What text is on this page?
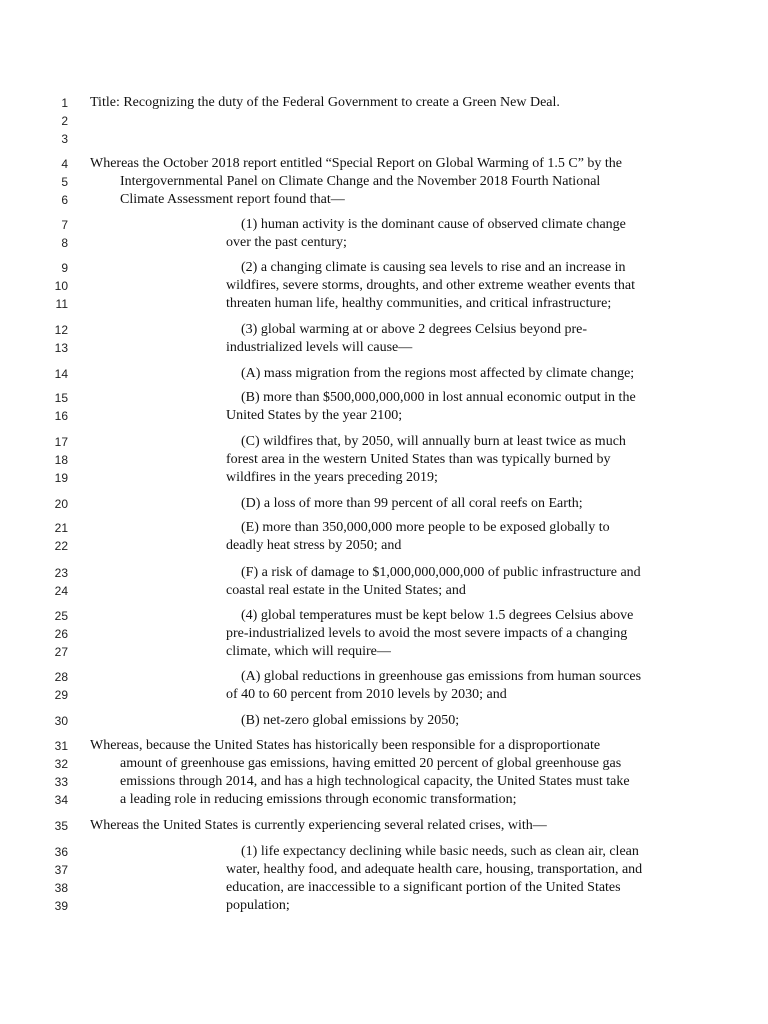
1 Title: Recognizing the duty of the Federal Government to create a Green New Deal.
2
3
4 Whereas the October 2018 report entitled “Special Report on Global Warming of 1.5 C” by the
5	Intergovernmental Panel on Climate Change and the November 2018 Fourth National
6	Climate Assessment report found that—
7	(1) human activity is the dominant cause of observed climate change
8	over the past century;
9	(2) a changing climate is causing sea levels to rise and an increase in
10	wildfires, severe storms, droughts, and other extreme weather events that
11	threaten human life, healthy communities, and critical infrastructure;
12	(3) global warming at or above 2 degrees Celsius beyond pre-
13	industrialized levels will cause—
14	(A) mass migration from the regions most affected by climate change;
15	(B) more than $500,000,000,000 in lost annual economic output in the
16	United States by the year 2100;
17	(C) wildfires that, by 2050, will annually burn at least twice as much
18	forest area in the western United States than was typically burned by
19	wildfires in the years preceding 2019;
20	(D) a loss of more than 99 percent of all coral reefs on Earth;
21	(E) more than 350,000,000 more people to be exposed globally to
22	deadly heat stress by 2050; and
23	(F) a risk of damage to $1,000,000,000,000 of public infrastructure and
24	coastal real estate in the United States; and
25	(4) global temperatures must be kept below 1.5 degrees Celsius above
26	pre-industrialized levels to avoid the most severe impacts of a changing
27	climate, which will require—
28	(A) global reductions in greenhouse gas emissions from human sources
29	of 40 to 60 percent from 2010 levels by 2030; and
30	(B) net-zero global emissions by 2050;
31 Whereas, because the United States has historically been responsible for a disproportionate
32	amount of greenhouse gas emissions, having emitted 20 percent of global greenhouse gas
33	emissions through 2014, and has a high technological capacity, the United States must take
34	a leading role in reducing emissions through economic transformation;
35 Whereas the United States is currently experiencing several related crises, with—
36	(1) life expectancy declining while basic needs, such as clean air, clean
37	water, healthy food, and adequate health care, housing, transportation, and
38	education, are inaccessible to a significant portion of the United States
39	population;
